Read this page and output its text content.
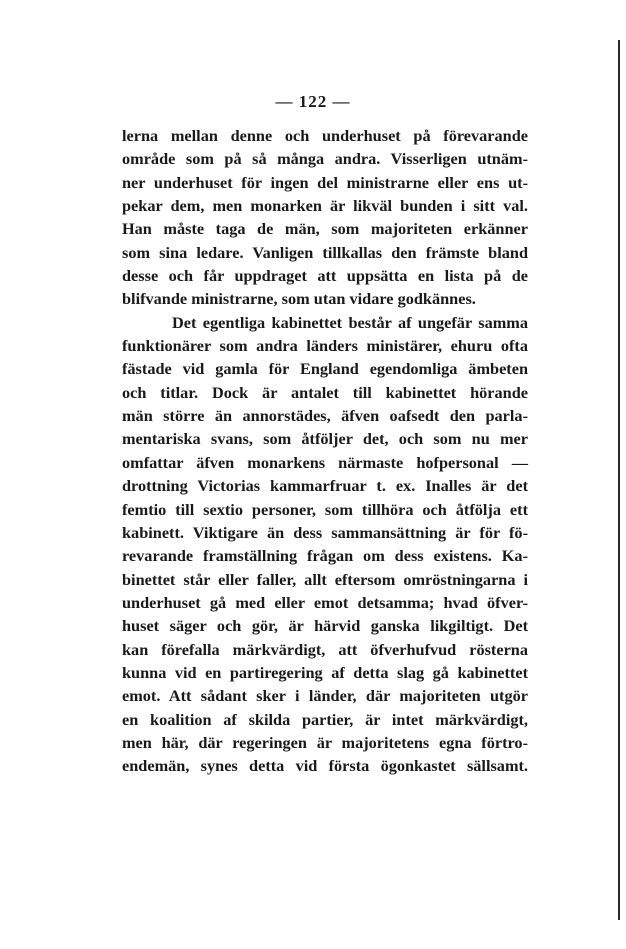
— 122 —
lerna mellan denne och underhuset på förevarande
område som på så många andra. Visserligen utnäm-
ner underhuset för ingen del ministrarne eller ens ut-
pekar dem, men monarken är likväl bunden i sitt val.
Han måste taga de män, som majoriteten erkänner
som sina ledare. Vanligen tillkallas den främste bland
desse och får uppdraget att uppsätta en lista på de
blifvande ministrarne, som utan vidare godkännes.
Det egentliga kabinettet består af ungefär samma
funktionärer som andra länders ministärer, ehuru ofta
fästade vid gamla för England egendomliga ämbeten
och titlar. Dock är antalet till kabinettet hörande
män större än annorstädes, äfven oafsedt den parla-
mentariska svans, som åtföljer det, och som nu mer
omfattar äfven monarkens närmaste hofpersonal —
drottning Victorias kammarfruar t. ex. Inalles är det
femtio till sextio personer, som tillhöra och åtfölja ett
kabinett. Viktigare än dess sammansättning är för fö-
revarande framställning frågan om dess existens. Ka-
binettet står eller faller, allt eftersom omröstningarna i
underhuset gå med eller emot detsamma; hvad öfver-
huset säger och gör, är härvid ganska likgiltigt. Det
kan förefalla märkvärdigt, att öfverhufvud rösterna
kunna vid en partiregering af detta slag gå kabinettet
emot. Att sådant sker i länder, där majoriteten utgör
en koalition af skilda partier, är intet märkvärdigt,
men här, där regeringen är majoritetens egna förtro-
endemän, synes detta vid första ögonkastet sällsamt.
